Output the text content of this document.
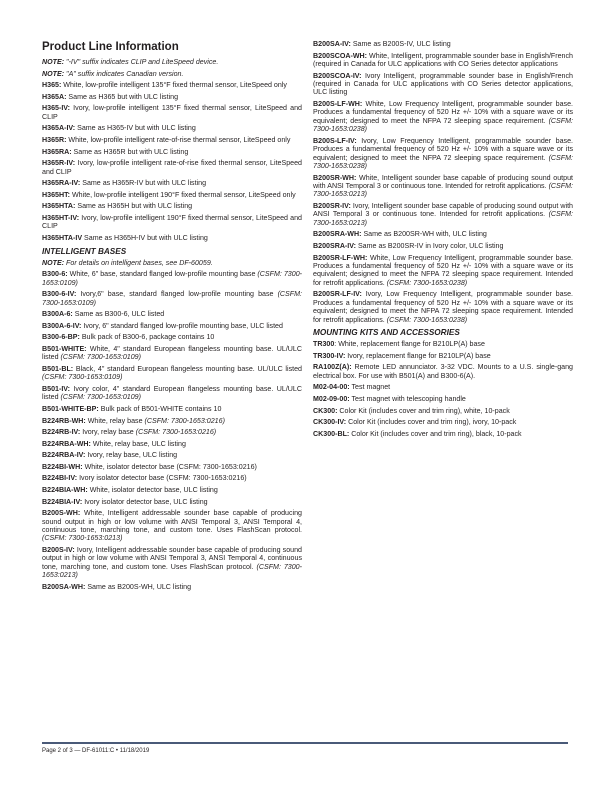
Product Line Information
NOTE: "-IV" suffix indicates CLIP and LiteSpeed device.
NOTE: "A" suffix indicates Canadian version.
H365: White, low-profile intelligent 135°F fixed thermal sensor, LiteSpeed only
H365A: Same as H365 but with ULC listing
H365-IV: Ivory, low-profile intelligent 135°F fixed thermal sensor, LiteSpeed and CLIP
H365A-IV: Same as H365-IV but with ULC listing
H365R: White, low-profile intelligent rate-of-rise thermal sensor, LiteSpeed only
H365RA: Same as H365R but with ULC listing
H365R-IV: Ivory, low-profile intelligent rate-of-rise fixed thermal sensor, LiteSpeed and CLIP
H365RA-IV: Same as H365R-IV but with ULC listing
H365HT: White, low-profile intelligent 190°F fixed thermal sensor, LiteSpeed only
H365HTA: Same as H365H but with ULC listing
H365HT-IV: Ivory, low-profile intelligent 190°F fixed thermal sensor, LiteSpeed and CLIP
H365HTA-IV Same as H365H-IV but with ULC listing
INTELLIGENT BASES
NOTE: For details on intelligent bases, see DF-60059.
B300-6: White, 6" base, standard flanged low-profile mounting base (CSFM: 7300-1653:0109)
B300-6-IV: Ivory,6" base, standard flanged low-profile mounting base (CSFM: 7300-1653:0109)
B300A-6: Same as B300-6, ULC listed
B300A-6-IV: Ivory, 6" standard flanged low-profile mounting base, ULC listed
B300-6-BP: Bulk pack of B300-6, package contains 10
B501-WHITE: White, 4" standard European flangeless mounting base. UL/ULC listed (CSFM: 7300-1653:0109)
B501-BL: Black, 4" standard European flangeless mounting base. UL/ULC listed (CSFM: 7300-1653:0109)
B501-IV: Ivory color, 4" standard European flangeless mounting base. UL/ULC listed (CSFM: 7300-1653:0109)
B501-WHITE-BP: Bulk pack of B501-WHITE contains 10
B224RB-WH: White, relay base (CSFM: 7300-1653:0216)
B224RB-IV: Ivory, relay base (CSFM: 7300-1653:0216)
B224RBA-WH: White, relay base, ULC listing
B224RBA-IV: Ivory, relay base, ULC listing
B224BI-WH: White, isolator detector base (CSFM: 7300-1653:0216)
B224BI-IV: Ivory isolator detector base (CSFM: 7300-1653:0216)
B224BIA-WH: White, isolator detector base, ULC listing
B224BIA-IV: Ivory isolator detector base, ULC listing
B200S-WH: White, Intelligent addressable sounder base capable of producing sound output in high or low volume with ANSI Temporal 3, ANSI Temporal 4, continuous tone, marching tone, and custom tone. Uses FlashScan protocol. (CSFM: 7300-1653:0213)
B200S-IV: Ivory, Intelligent addressable sounder base capable of producing sound output in high or low volume with ANSI Temporal 3, ANSI Temporal 4, continuous tone, marching tone, and custom tone. Uses FlashScan protocol. (CSFM: 7300-1653:0213)
B200SA-WH: Same as B200S-WH, ULC listing
B200SA-IV: Same as B200S-IV, ULC listing
B200SCOA-WH: White, Intelligent, programmable sounder base in English/French (required in Canada for ULC applications with CO Series detector applications
B200SCOA-IV: Ivory Intelligent, programmable sounder base in English/French (required in Canada for ULC applications with CO Series detector applications, ULC listing
B200S-LF-WH: White, Low Frequency Intelligent, programmable sounder base. Produces a fundamental frequency of 520 Hz +/- 10% with a square wave or its equivalent; designed to meet the NFPA 72 sleeping space requirement. (CSFM: 7300-1653:0238)
B200S-LF-IV: Ivory, Low Frequency Intelligent, programmable sounder base. Produces a fundamental frequency of 520 Hz +/- 10% with a square wave or its equivalent; designed to meet the NFPA 72 sleeping space requirement. (CSFM: 7300-1653:0238)
B200SR-WH: White, Intelligent sounder base capable of producing sound output with ANSI Temporal 3 or continuous tone. Intended for retrofit applications. (CSFM: 7300-1653:0213)
B200SR-IV: Ivory, Intelligent sounder base capable of producing sound output with ANSI Temporal 3 or continuous tone. Intended for retrofit applications. (CSFM: 7300-1653:0213)
B200SRA-WH: Same as B200SR-WH with, ULC listing
B200SRA-IV: Same as B200SR-IV in Ivory color, ULC listing
B200SR-LF-WH: White, Low Frequency Intelligent, programmable sounder base. Produces a fundamental frequency of 520 Hz +/- 10% with a square wave or its equivalent; designed to meet the NFPA 72 sleeping space requirement. Intended for retrofit applications. (CSFM: 7300-1653:0238)
B200SR-LF-IV: Ivory, Low Frequency Intelligent, programmable sounder base. Produces a fundamental frequency of 520 Hz +/- 10% with a square wave or its equivalent; designed to meet the NFPA 72 sleeping space requirement. Intended for retrofit applications. (CSFM: 7300-1653:0238)
MOUNTING KITS AND ACCESSORIES
TR300: White, replacement flange for B210LP(A) base
TR300-IV: Ivory, replacement flange for B210LP(A) base
RA100Z(A): Remote LED annunciator. 3-32 VDC. Mounts to a U.S. single-gang electrical box. For use with B501(A) and B300-6(A).
M02-04-00: Test magnet
M02-09-00: Test magnet with telescoping handle
CK300: Color Kit (includes cover and trim ring), white, 10-pack
CK300-IV: Color Kit (includes cover and trim ring), ivory, 10-pack
CK300-BL: Color Kit (includes cover and trim ring), black, 10-pack
Page 2 of 3 — DF-61011:C • 11/18/2019
